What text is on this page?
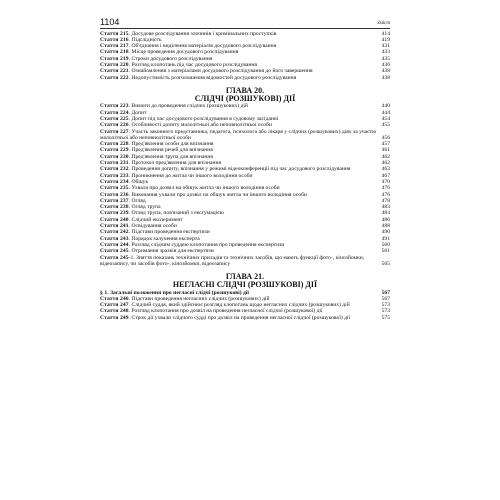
1104	Зміст
Стаття 215. Досудове розслідування злочинів і кримінальних проступків	414
Стаття 216. Підслідність	419
Стаття 217. Об'єднання і виділення матеріалів досудового розслідування	431
Стаття 218. Місце проведення досудового розслідування	433
Стаття 219. Строки досудового розслідування	435
Стаття 220. Розгляд клопотань під час досудового розслідування	436
Стаття 221. Ознайомлення з матеріалами досудового розслідування до його завершення	438
Стаття 222. Недопустимість розголошення відомостей досудового розслідування	438
ГЛАВА 20.
СЛІДЧІ (РОЗШУКОВІ) ДІЇ
Стаття 223. Вимоги до проведення слідчих (розшукових) дій	440
Стаття 224. Допит	444
Стаття 225. Допит під час досудового розслідування в судовому засіданні	454
Стаття 226. Особливості допиту малолітньої або неповнолітньої особи	455
Стаття 227. Участь законного представника, педагога, психолога або лікаря у слідчих (розшукових) діях за участю малолітньої або неповнолітньої особи	456
Стаття 228. Пред'явлення особи для впізнання	457
Стаття 229. Пред'явлення речей для впізнання	461
Стаття 230. Пред'явлення трупа для впізнання	462
Стаття 231. Протокол пред'явлення для впізнання	462
Стаття 232. Проведення допиту, впізнання у режимі відеоконференції під час досудового розслідування	463
Стаття 233. Проникнення до житла чи іншого володіння особи	467
Стаття 234. Обшук	470
Стаття 235. Ухвала про дозвіл на обшук житла чи іншого володіння особи	476
Стаття 236. Виконання ухвали про дозвіл на обшук житла чи іншого володіння особи	476
Стаття 237. Огляд	478
Стаття 238. Огляд трупа	483
Стаття 239. Огляд трупа, пов'язаний з ексгумацією	484
Стаття 240. Слідчий експеримент	486
Стаття 241. Освідування особи	488
Стаття 242. Підстави проведення експертизи	490
Стаття 243. Порядок залучення експерта	491
Стаття 244. Розгляд слідчим суддею клопотання про проведення експертизи	560
Стаття 245. Отримання зразків для експертизи	561
Стаття 245-1. Зняття показань технічних приладів та технічних засобів, що мають функції фото-, кінозйомки, відеозапису, чи засобів фото-, кінозйомки, відеозапису	565
ГЛАВА 21.
НЕГЛАСНІ СЛІДЧІ (РОЗШУКОВІ) ДІЇ
§ 1. Загальні положення про негласні слідчі (розшукові) дії	567
Стаття 246. Підстави проведення негласних слідчих (розшукових) дій	567
Стаття 247. Слідчий суддя, який здійснює розгляд клопотань щодо негласних слідчих (розшукових) дій	573
Стаття 248. Розгляд клопотання про дозвіл на проведення негласної слідчої (розшукової) дії	573
Стаття 249. Строк дії ухвали слідчого судді про дозвіл на проведення негласної слідчої (розшукової) дії	575
